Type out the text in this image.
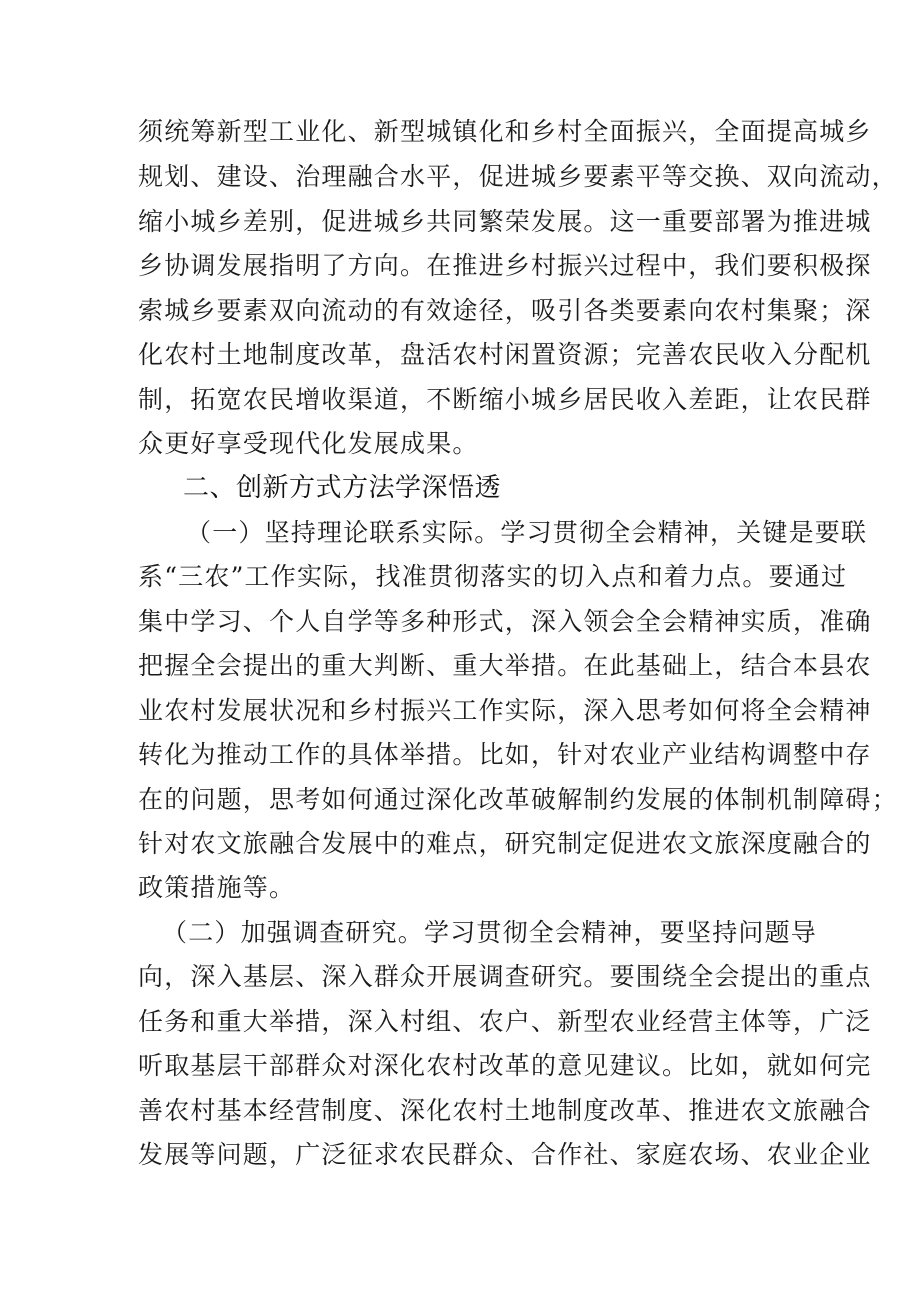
须统筹新型工业化、新型城镇化和乡村全面振兴，全面提高城乡
规划、建设、治理融合水平，促进城乡要素平等交换、双向流动，
缩小城乡差别，促进城乡共同繁荣发展。这一重要部署为推进城
乡协调发展指明了方向。在推进乡村振兴过程中，我们要积极探
索城乡要素双向流动的有效途径，吸引各类要素向农村集聚；深
化农村土地制度改革，盘活农村闲置资源；完善农民收入分配机
制，拓宽农民增收渠道，不断缩小城乡居民收入差距，让农民群
众更好享受现代化发展成果。
二、创新方式方法学深悟透
（一）坚持理论联系实际。学习贯彻全会精神，关键是要联
系“三农”工作实际，找准贯彻落实的切入点和着力点。要通过
集中学习、个人自学等多种形式，深入领会全会精神实质，准确
把握全会提出的重大判断、重大举措。在此基础上，结合本县农
业农村发展状况和乡村振兴工作实际，深入思考如何将全会精神
转化为推动工作的具体举措。比如，针对农业产业结构调整中存
在的问题，思考如何通过深化改革破解制约发展的体制机制障碍；
针对农文旅融合发展中的难点，研究制定促进农文旅深度融合的
政策措施等。
（二）加强调查研究。学习贯彻全会精神，要坚持问题导
向，深入基层、深入群众开展调查研究。要围绕全会提出的重点
任务和重大举措，深入村组、农户、新型农业经营主体等，广泛
听取基层干部群众对深化农村改革的意见建议。比如，就如何完
善农村基本经营制度、深化农村土地制度改革、推进农文旅融合
发展等问题，广泛征求农民群众、合作社、家庭农场、农业企业
